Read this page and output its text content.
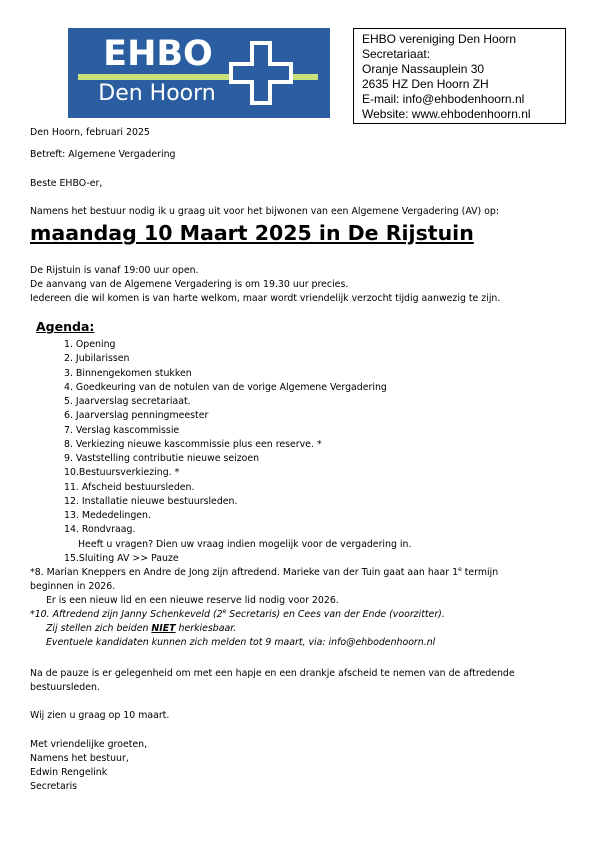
EHBO
Den Hoorn
EHBO vereniging Den Hoorn
Secretariaat:
Oranje Nassauplein 30
2635 HZ Den Hoorn ZH
E-mail: info@ehbodenhoorn.nl
Website: www.ehbodenhoorn.nl
Den Hoorn, februari 2025
Betreft: Algemene Vergadering
Beste EHBO-er,
Namens het bestuur nodig ik u graag uit voor het bijwonen van een Algemene Vergadering (AV) op:
maandag 10 Maart 2025 in De Rijstuin
De Rijstuin is vanaf 19:00 uur open.
De aanvang van de Algemene Vergadering is om 19.30 uur precies.
Iedereen die wil komen is van harte welkom, maar wordt vriendelijk verzocht tijdig aanwezig te zijn.
Agenda:
1. Opening
2. Jubilarissen
3. Binnengekomen stukken
4. Goedkeuring van de notulen van de vorige Algemene Vergadering
5. Jaarverslag secretariaat.
6. Jaarverslag penningmeester
7. Verslag kascommissie
8. Verkiezing nieuwe kascommissie plus een reserve. *
9. Vaststelling contributie nieuwe seizoen
10.Bestuursverkiezing. *
11. Afscheid bestuursleden.
12. Installatie nieuwe bestuursleden.
13. Mededelingen.
14. Rondvraag.
Heeft u vragen? Dien uw vraag indien mogelijk voor de vergadering in.
15.Sluiting AV >> Pauze
*8. Marian Kneppers en Andre de Jong zijn aftredend. Marieke van der Tuin gaat aan haar 1e termijn
beginnen in 2026.
Er is een nieuw lid en een nieuwe reserve lid nodig voor 2026.
*10. Aftredend zijn Janny Schenkeveld (2e Secretaris) en Cees van der Ende (voorzitter).
Zij stellen zich beiden NIET herkiesbaar.
Eventuele kandidaten kunnen zich melden tot 9 maart, via: info@ehbodenhoorn.nl
Na de pauze is er gelegenheid om met een hapje en een drankje afscheid te nemen van de aftredende
bestuursleden.
Wij zien u graag op 10 maart.
Met vriendelijke groeten,
Namens het bestuur,
Edwin Rengelink
Secretaris
